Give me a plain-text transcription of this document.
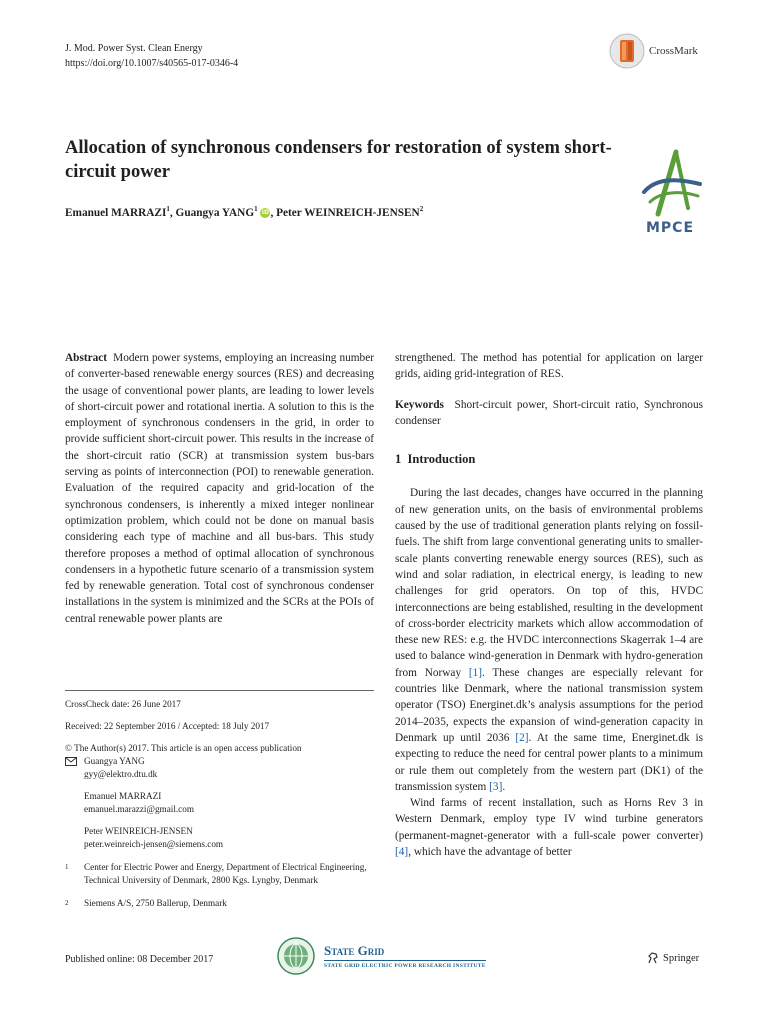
J. Mod. Power Syst. Clean Energy
https://doi.org/10.1007/s40565-017-0346-4
CrossMark
Allocation of synchronous condensers for restoration of system short-circuit power
Emanuel MARRAZI$^1$, Guangya YANG$^1$ iD, Peter WEINREICH-JENSEN$^2$
MPCE

Abstract Modern power systems, employing an increasing number of converter-based renewable energy sources (RES) and decreasing the usage of conventional power plants, are leading to lower levels of short-circuit power and rotational inertia. A solution to this is the employment of synchronous condensers in the grid, in order to provide sufficient short-circuit power. This results in the increase of the short-circuit ratio (SCR) at transmission system bus-bars serving as points of interconnection (POI) to renewable generation. Evaluation of the required capacity and grid-location of the synchronous condensers, is inherently a mixed integer nonlinear optimization problem, which could not be done on manual basis considering each type of machine and all bus-bars. This study therefore proposes a method of optimal allocation of synchronous condensers in a hypothetic future scenario of a transmission system fed by renewable generation. Total cost of synchronous condenser installations in the system is minimized and the SCRs at the POIs of central renewable power plants are

CrossCheck date: 26 June 2017

Received: 22 September 2016 / Accepted: 18 July 2017

© The Author(s) 2017. This article is an open access publication

Guangya YANG

gyy@elektro.dtu.dk

Emanuel MARRAZI

emanuel.marazzi@gmail.com

Peter WEINREICH-JENSEN

peter.weinreich-jensen@siemens.com

1	Center for Electric Power and Energy, Department of Electrical Engineering, Technical University of Denmark, 2800 Kgs. Lyngby, Denmark
2	Siemens A/S, 2750 Ballerup, Denmark

strengthened. The method has potential for application on larger grids, aiding grid-integration of RES.

Keywords Short-circuit power, Short-circuit ratio, Synchronous condenser

1 Introduction

During the last decades, changes have occurred in the planning of new generation units, on the basis of environmental problems caused by the use of traditional generation plants relying on fossil-fuels. The shift from large conventional generating units to smaller-scale plants converting renewable energy sources (RES), such as wind and solar radiation, in electrical energy, is leading to new challenges for grid operators. On top of this, HVDC interconnections are being established, resulting in the development of cross-border electricity markets which allow accommodation of these new RES: e.g. the HVDC interconnections Skagerrak 1–4 are used to balance wind-generation in Denmark with hydro-generation from Norway [1]. These changes are especially relevant for countries like Denmark, where the national transmission system operator (TSO) Energinet.dk’s analysis assumptions for the period 2014–2035, expects the expansion of wind-generation capacity in Denmark up until 2036 [2]. At the same time, Energinet.dk is expecting to reduce the need for central power plants to a minimum or rule them out completely from the western part (DK1) of the transmission system [3].

Wind farms of recent installation, such as Horns Rev 3 in Western Denmark, employ type IV wind turbine generators (permanent-magnet-generator with a full-scale power converter) [4], which have the advantage of better

Published online: 08 December 2017
State Grid
STATE GRID ELECTRIC POWER RESEARCH INSTITUTE
Springer
